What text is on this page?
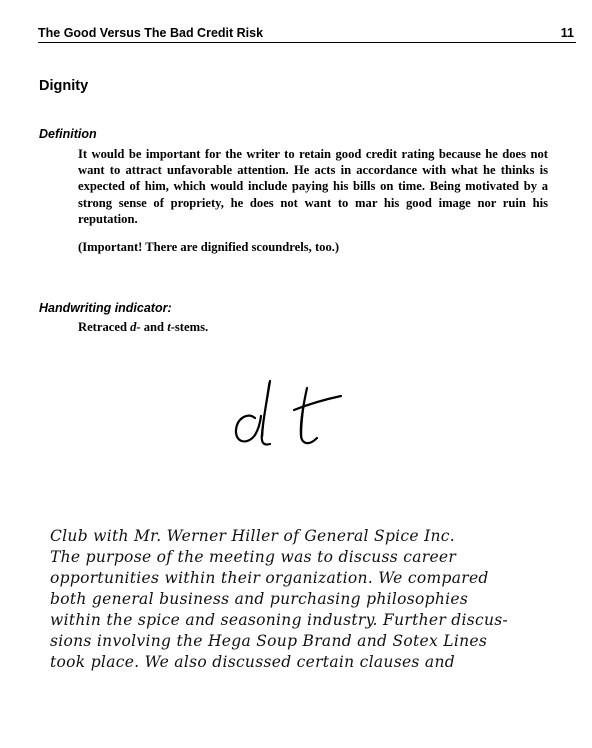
The Good Versus The Bad Credit Risk	11
Dignity
Definition
It would be important for the writer to retain good credit rating because he does not want to attract unfavorable attention. He acts in accordance with what he thinks is expected of him, which would include paying his bills on time. Being motivated by a strong sense of propriety, he does not want to mar his good image nor ruin his reputation.
(Important! There are dignified scoundrels, too.)
Handwriting indicator:
Retraced d- and t-stems.
Club with Mr. Werner Hiller of General Spice Inc.
The purpose of the meeting was to discuss career
opportunities within their organization. We compared
both general business and purchasing philosophies
within the spice and seasoning industry. Further discus-
sions involving the Hega Soup Brand and Sotex Lines
took place. We also discussed certain clauses and
